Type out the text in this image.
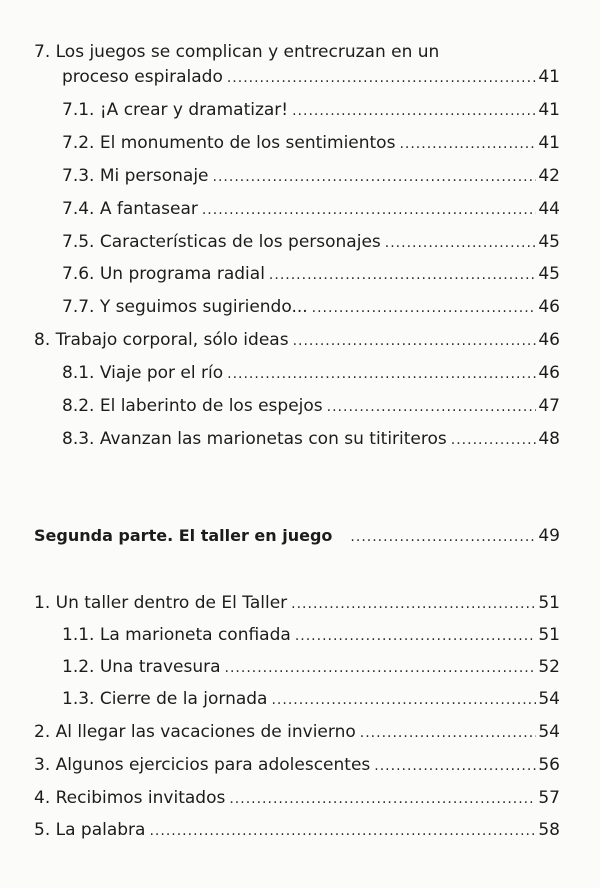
7. Los juegos se complican y entrecruzan en un
proceso espiralado .....	41
7.1. ¡A crear y dramatizar! .....	41
7.2. El monumento de los sentimientos .....	41
7.3. Mi personaje .....	42
7.4. A fantasear .....	44
7.5. Características de los personajes .....	45
7.6. Un programa radial .....	45
7.7. Y seguimos sugiriendo... .....	46
8. Trabajo corporal, sólo ideas .....	46
8.1. Viaje por el río .....	46
8.2. El laberinto de los espejos .....	47
8.3. Avanzan las marionetas con su titiriteros .....	48
Segunda parte. El taller en juego .....	49
1. Un taller dentro de El Taller .....	51
1.1. La marioneta confiada .....	51
1.2. Una travesura .....	52
1.3. Cierre de la jornada .....	54
2. Al llegar las vacaciones de invierno .....	54
3. Algunos ejercicios para adolescentes .....	56
4. Recibimos invitados .....	57
5. La palabra .....	58
